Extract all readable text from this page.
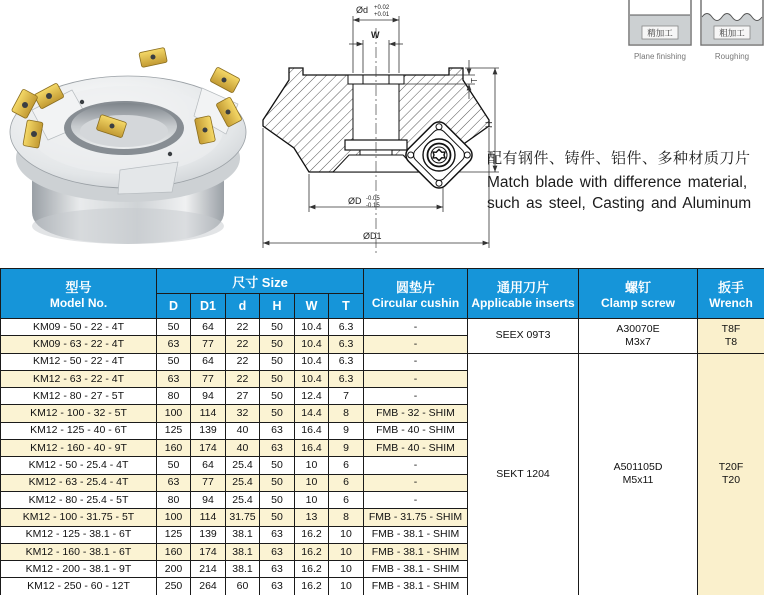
Ød +0.02
+0.01
W
T
H
ØD -0.05
-0.15
ØD1
精加工
Plane finishing
粗加工
Roughing
配有钢件、铸件、铝件、多种材质刀片
Match blade with difference material,
such as steel, Casting and Aluminum
型号
Model No.

尺寸 Size	圆垫片
Circular cushin

通用刀片
Applicable inserts

螺钉
Clamp screw

扳手
Wrench

	D	D1	d	H	W	T				
KM09 - 50 - 22 - 4T	50	64	22	50	10.4	6.3	-	SEEX 09T3	
A30070E
M3x7

T8F
T8

KM09 - 63 - 22 - 4T	63	77	22	50	10.4	6.3	-			
KM12 - 50 - 22 - 4T	50	64	22	50	10.4	6.3	-	SEKT 1204	
A501105D
M5x11

T20F
T20

KM12 - 63 - 22 - 4T	63	77	22	50	10.4	6.3	-			
KM12 - 80 - 27 - 5T	80	94	27	50	12.4	7	-			
KM12 - 100 - 32 - 5T	100	114	32	50	14.4	8	FMB - 32 - SHIM			
KM12 - 125 - 40 - 6T	125	139	40	63	16.4	9	FMB - 40 - SHIM			
KM12 - 160 - 40 - 9T	160	174	40	63	16.4	9	FMB - 40 - SHIM			
KM12 - 50 - 25.4 - 4T	50	64	25.4	50	10	6	-			
KM12 - 63 - 25.4 - 4T	63	77	25.4	50	10	6	-			
KM12 - 80 - 25.4 - 5T	80	94	25.4	50	10	6	-			
KM12 - 100 - 31.75 - 5T	100	114	31.75	50	13	8	FMB - 31.75 - SHIM			
KM12 - 125 - 38.1 - 6T	125	139	38.1	63	16.2	10	FMB - 38.1 - SHIM			
KM12 - 160 - 38.1 - 6T	160	174	38.1	63	16.2	10	FMB - 38.1 - SHIM			
KM12 - 200 - 38.1 - 9T	200	214	38.1	63	16.2	10	FMB - 38.1 - SHIM			
KM12 - 250 - 60 - 12T	250	264	60	63	16.2	10	FMB - 38.1 - SHIM			
